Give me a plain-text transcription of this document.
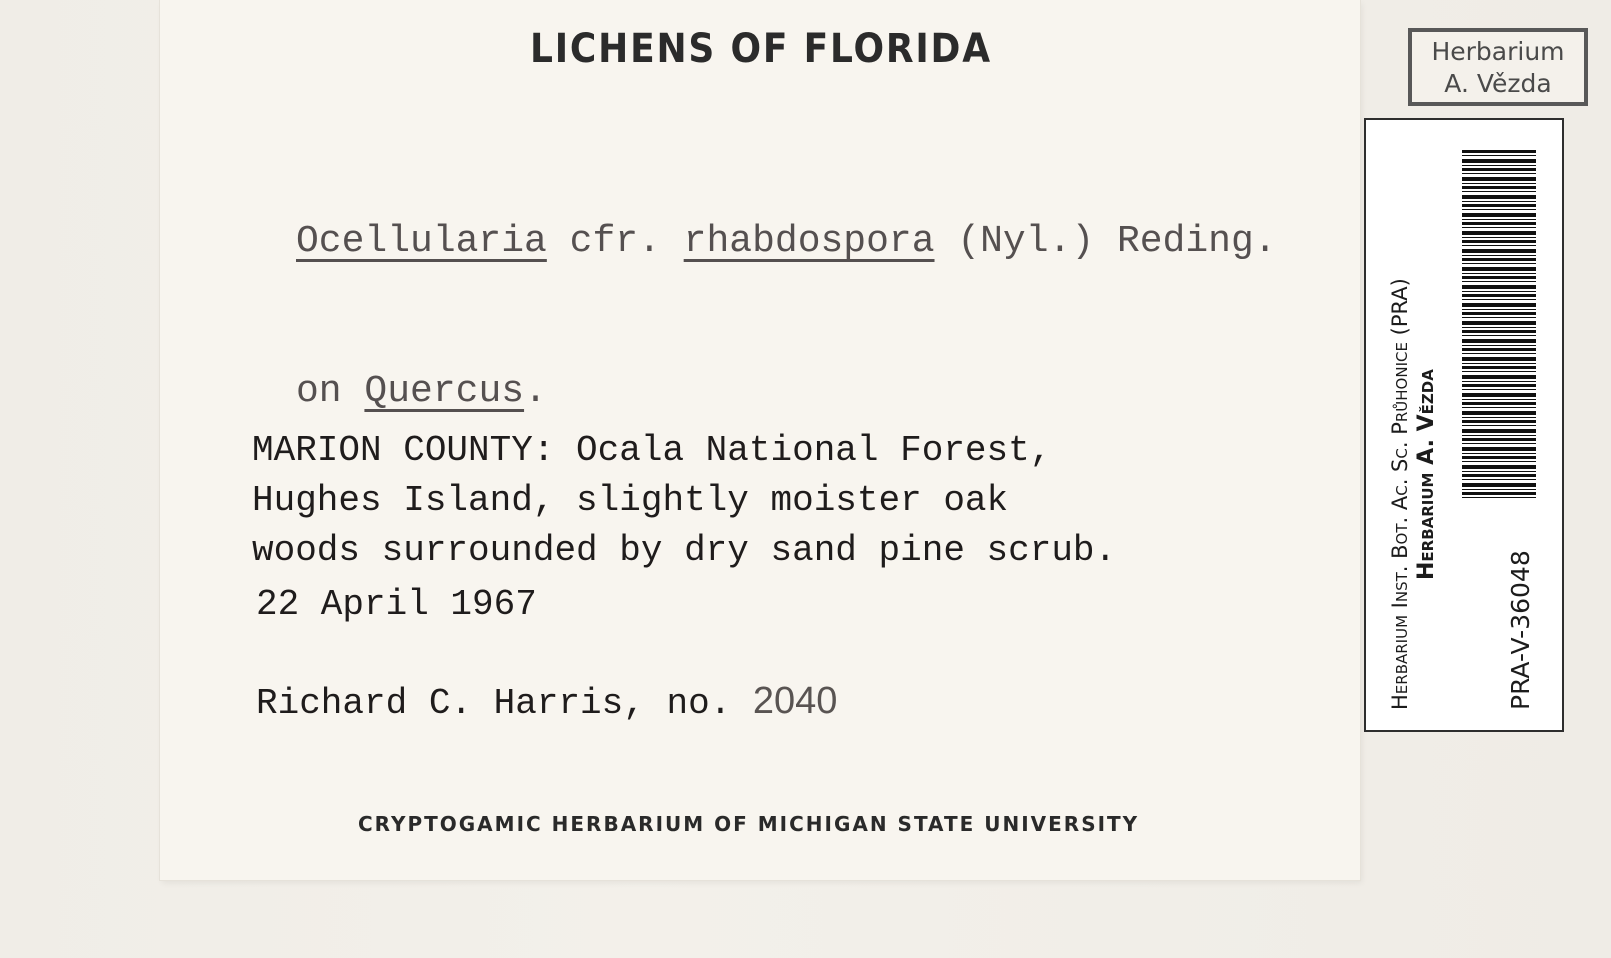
LICHENS OF FLORIDA
Ocellularia cfr. rhabdospora (Nyl.) Reding.
on Quercus.
MARION COUNTY: Ocala National Forest,
Hughes Island, slightly moister oak
woods surrounded by dry sand pine scrub.
22 April 1967
Richard C. Harris, no. 2040
CRYPTOGAMIC HERBARIUM OF MICHIGAN STATE UNIVERSITY
Herbarium
A. Vězda
Herbarium Inst. Bot. Ac. Sc. Průhonice (PRA) Herbarium A. Vězda
PRA-V-36048
